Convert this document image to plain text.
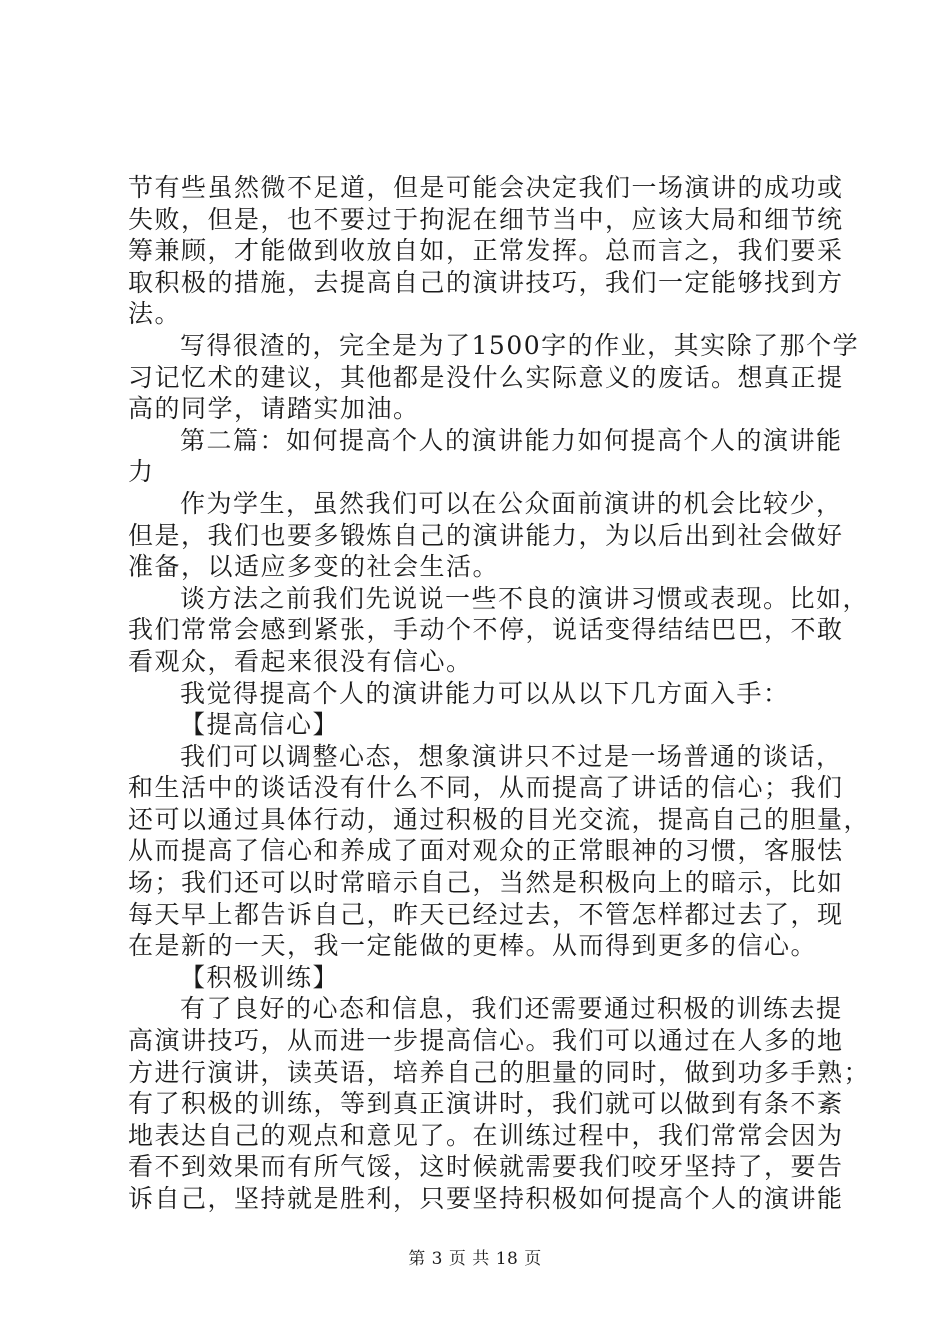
节有些虽然微不足道，但是可能会决定我们一场演讲的成功或
失败，但是，也不要过于拘泥在细节当中，应该大局和细节统
筹兼顾，才能做到收放自如，正常发挥。总而言之，我们要采
取积极的措施，去提高自己的演讲技巧，我们一定能够找到方
法。
写得很渣的，完全是为了1500字的作业，其实除了那个学
习记忆术的建议，其他都是没什么实际意义的废话。想真正提
高的同学，请踏实加油。
第二篇：如何提高个人的演讲能力如何提高个人的演讲能
力
作为学生，虽然我们可以在公众面前演讲的机会比较少，
但是，我们也要多锻炼自己的演讲能力，为以后出到社会做好
准备，以适应多变的社会生活。
谈方法之前我们先说说一些不良的演讲习惯或表现。比如，
我们常常会感到紧张，手动个不停，说话变得结结巴巴，不敢
看观众，看起来很没有信心。
我觉得提高个人的演讲能力可以从以下几方面入手：
【提高信心】
我们可以调整心态，想象演讲只不过是一场普通的谈话，
和生活中的谈话没有什么不同，从而提高了讲话的信心；我们
还可以通过具体行动，通过积极的目光交流，提高自己的胆量，
从而提高了信心和养成了面对观众的正常眼神的习惯，客服怯
场；我们还可以时常暗示自己，当然是积极向上的暗示，比如
每天早上都告诉自己，昨天已经过去，不管怎样都过去了，现
在是新的一天，我一定能做的更棒。从而得到更多的信心。
【积极训练】
有了良好的心态和信息，我们还需要通过积极的训练去提
高演讲技巧，从而进一步提高信心。我们可以通过在人多的地
方进行演讲，读英语，培养自己的胆量的同时，做到功多手熟；
有了积极的训练，等到真正演讲时，我们就可以做到有条不紊
地表达自己的观点和意见了。在训练过程中，我们常常会因为
看不到效果而有所气馁，这时候就需要我们咬牙坚持了，要告
诉自己，坚持就是胜利，只要坚持积极如何提高个人的演讲能
第 3 页 共 18 页
